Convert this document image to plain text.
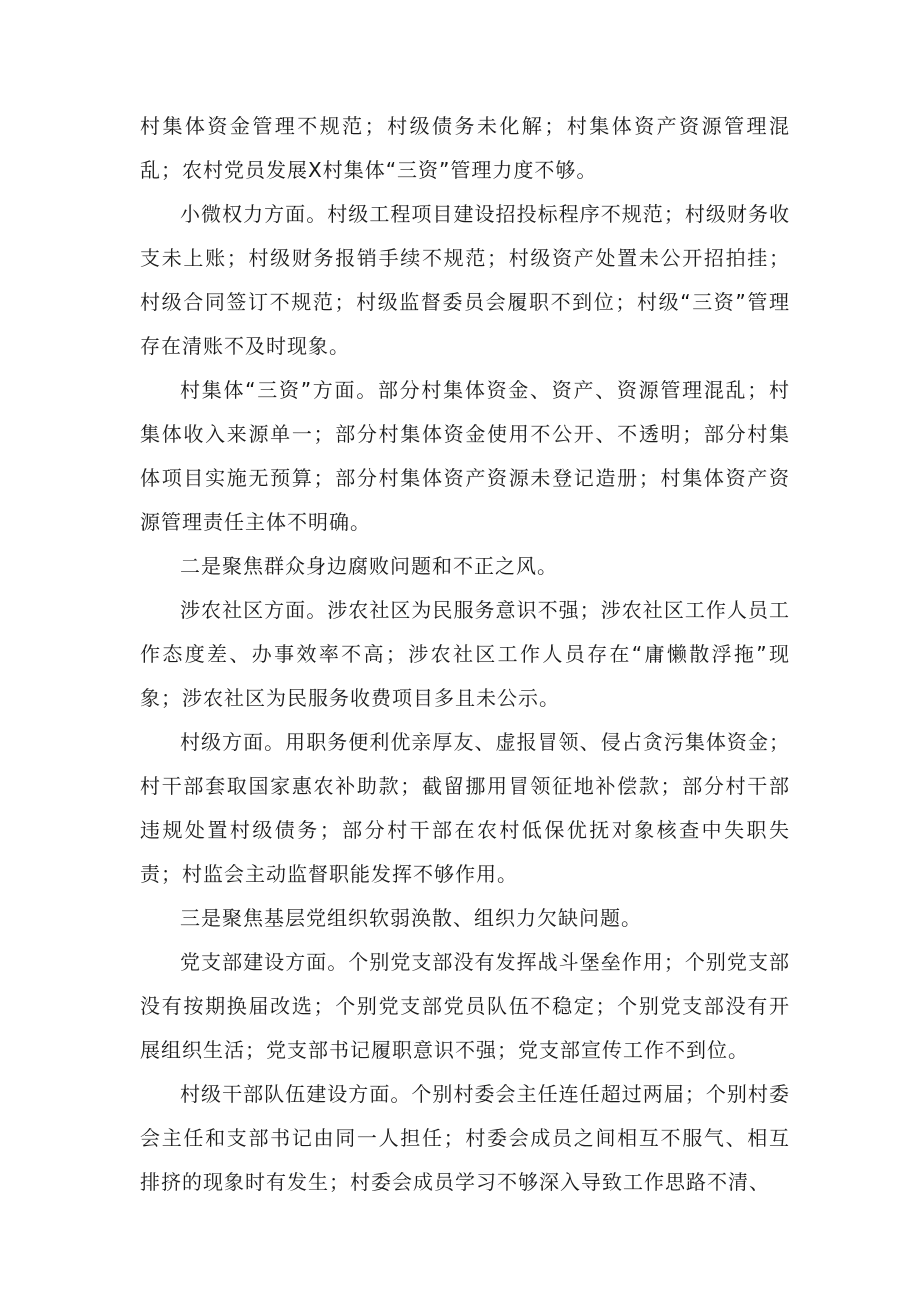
村集体资金管理不规范；村级债务未化解；村集体资产资源管理混乱；农村党员发展X村集体“三资”管理力度不够。

小微权力方面。村级工程项目建设招投标程序不规范；村级财务收支未上账；村级财务报销手续不规范；村级资产处置未公开招拍挂；村级合同签订不规范；村级监督委员会履职不到位；村级“三资”管理存在清账不及时现象。

村集体“三资”方面。部分村集体资金、资产、资源管理混乱；村集体收入来源单一；部分村集体资金使用不公开、不透明；部分村集体项目实施无预算；部分村集体资产资源未登记造册；村集体资产资源管理责任主体不明确。

二是聚焦群众身边腐败问题和不正之风。

涉农社区方面。涉农社区为民服务意识不强；涉农社区工作人员工作态度差、办事效率不高；涉农社区工作人员存在“庸懒散浮拖”现象；涉农社区为民服务收费项目多且未公示。

村级方面。用职务便利优亲厚友、虚报冒领、侵占贪污集体资金；村干部套取国家惠农补助款；截留挪用冒领征地补偿款；部分村干部违规处置村级债务；部分村干部在农村低保优抚对象核查中失职失责；村监会主动监督职能发挥不够作用。

三是聚焦基层党组织软弱涣散、组织力欠缺问题。

党支部建设方面。个别党支部没有发挥战斗堡垒作用；个别党支部没有按期换届改选；个别党支部党员队伍不稳定；个别党支部没有开展组织生活；党支部书记履职意识不强；党支部宣传工作不到位。

村级干部队伍建设方面。个别村委会主任连任超过两届；个别村委会主任和支部书记由同一人担任；村委会成员之间相互不服气、相互排挤的现象时有发生；村委会成员学习不够深入导致工作思路不清、
